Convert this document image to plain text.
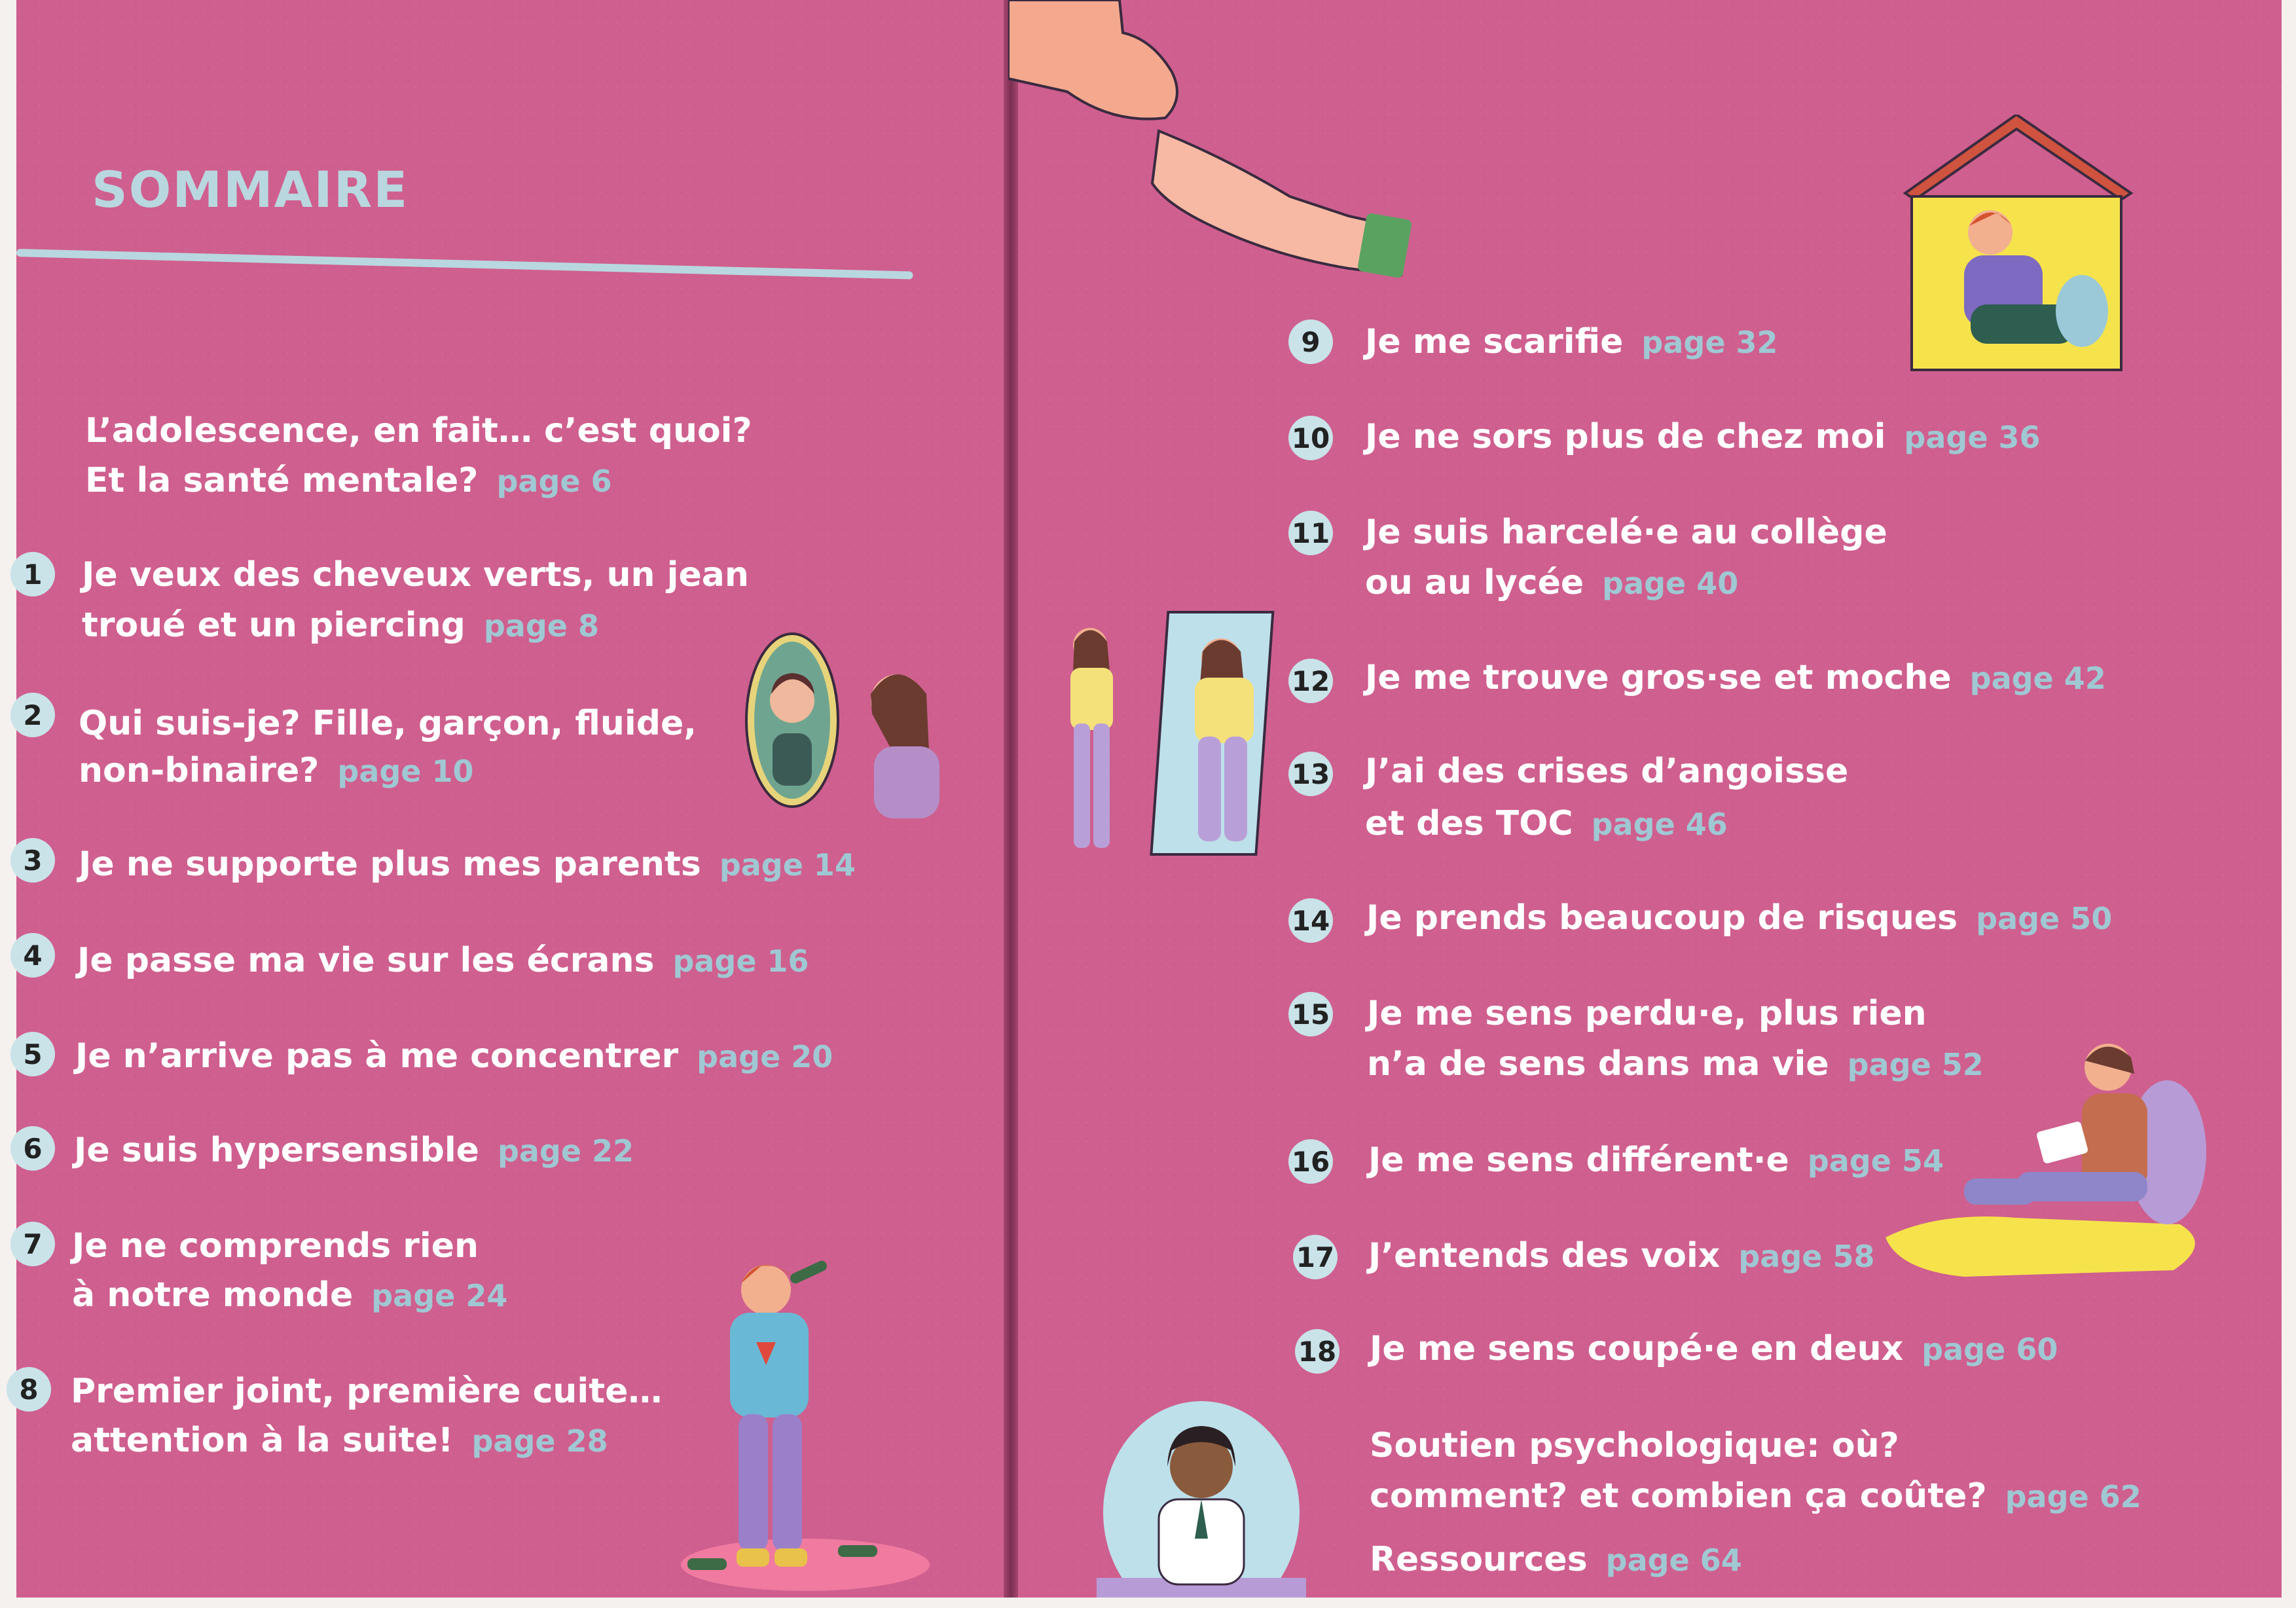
SOMMAIRE
L’adolescence, en fait… c’est quoi?
Et la santé mentale? page 6
1	Je veux des cheveux verts, un jean
troué et un piercing page 8
2	Qui suis-je? Fille, garçon, fluide,
non-binaire? page 10
3	Je ne supporte plus mes parents page 14
4	Je passe ma vie sur les écrans page 16
5 Je n’arrive pas à me concentrer page 20
6 Je suis hypersensible page 22
7 Je ne comprends rien
à notre monde page 24
8 Premier joint, première cuite…
attention à la suite! page 28
9	Je me scarifie page 32
10 Je ne sors plus de chez moi page 36
11 Je suis harcelé·e au collège
ou au lycée page 40
12 Je me trouve gros·se et moche page 42
13 J’ai des crises d’angoisse
et des TOC page 46
14 Je prends beaucoup de risques page 50
15 Je me sens perdu·e, plus rien
n’a de sens dans ma vie page 52
16 Je me sens différent·e page 54
17 J’entends des voix page 58
18 Je me sens coupé·e en deux page 60
Soutien psychologique: où?
comment? et combien ça coûte? page 62
Ressources page 64
